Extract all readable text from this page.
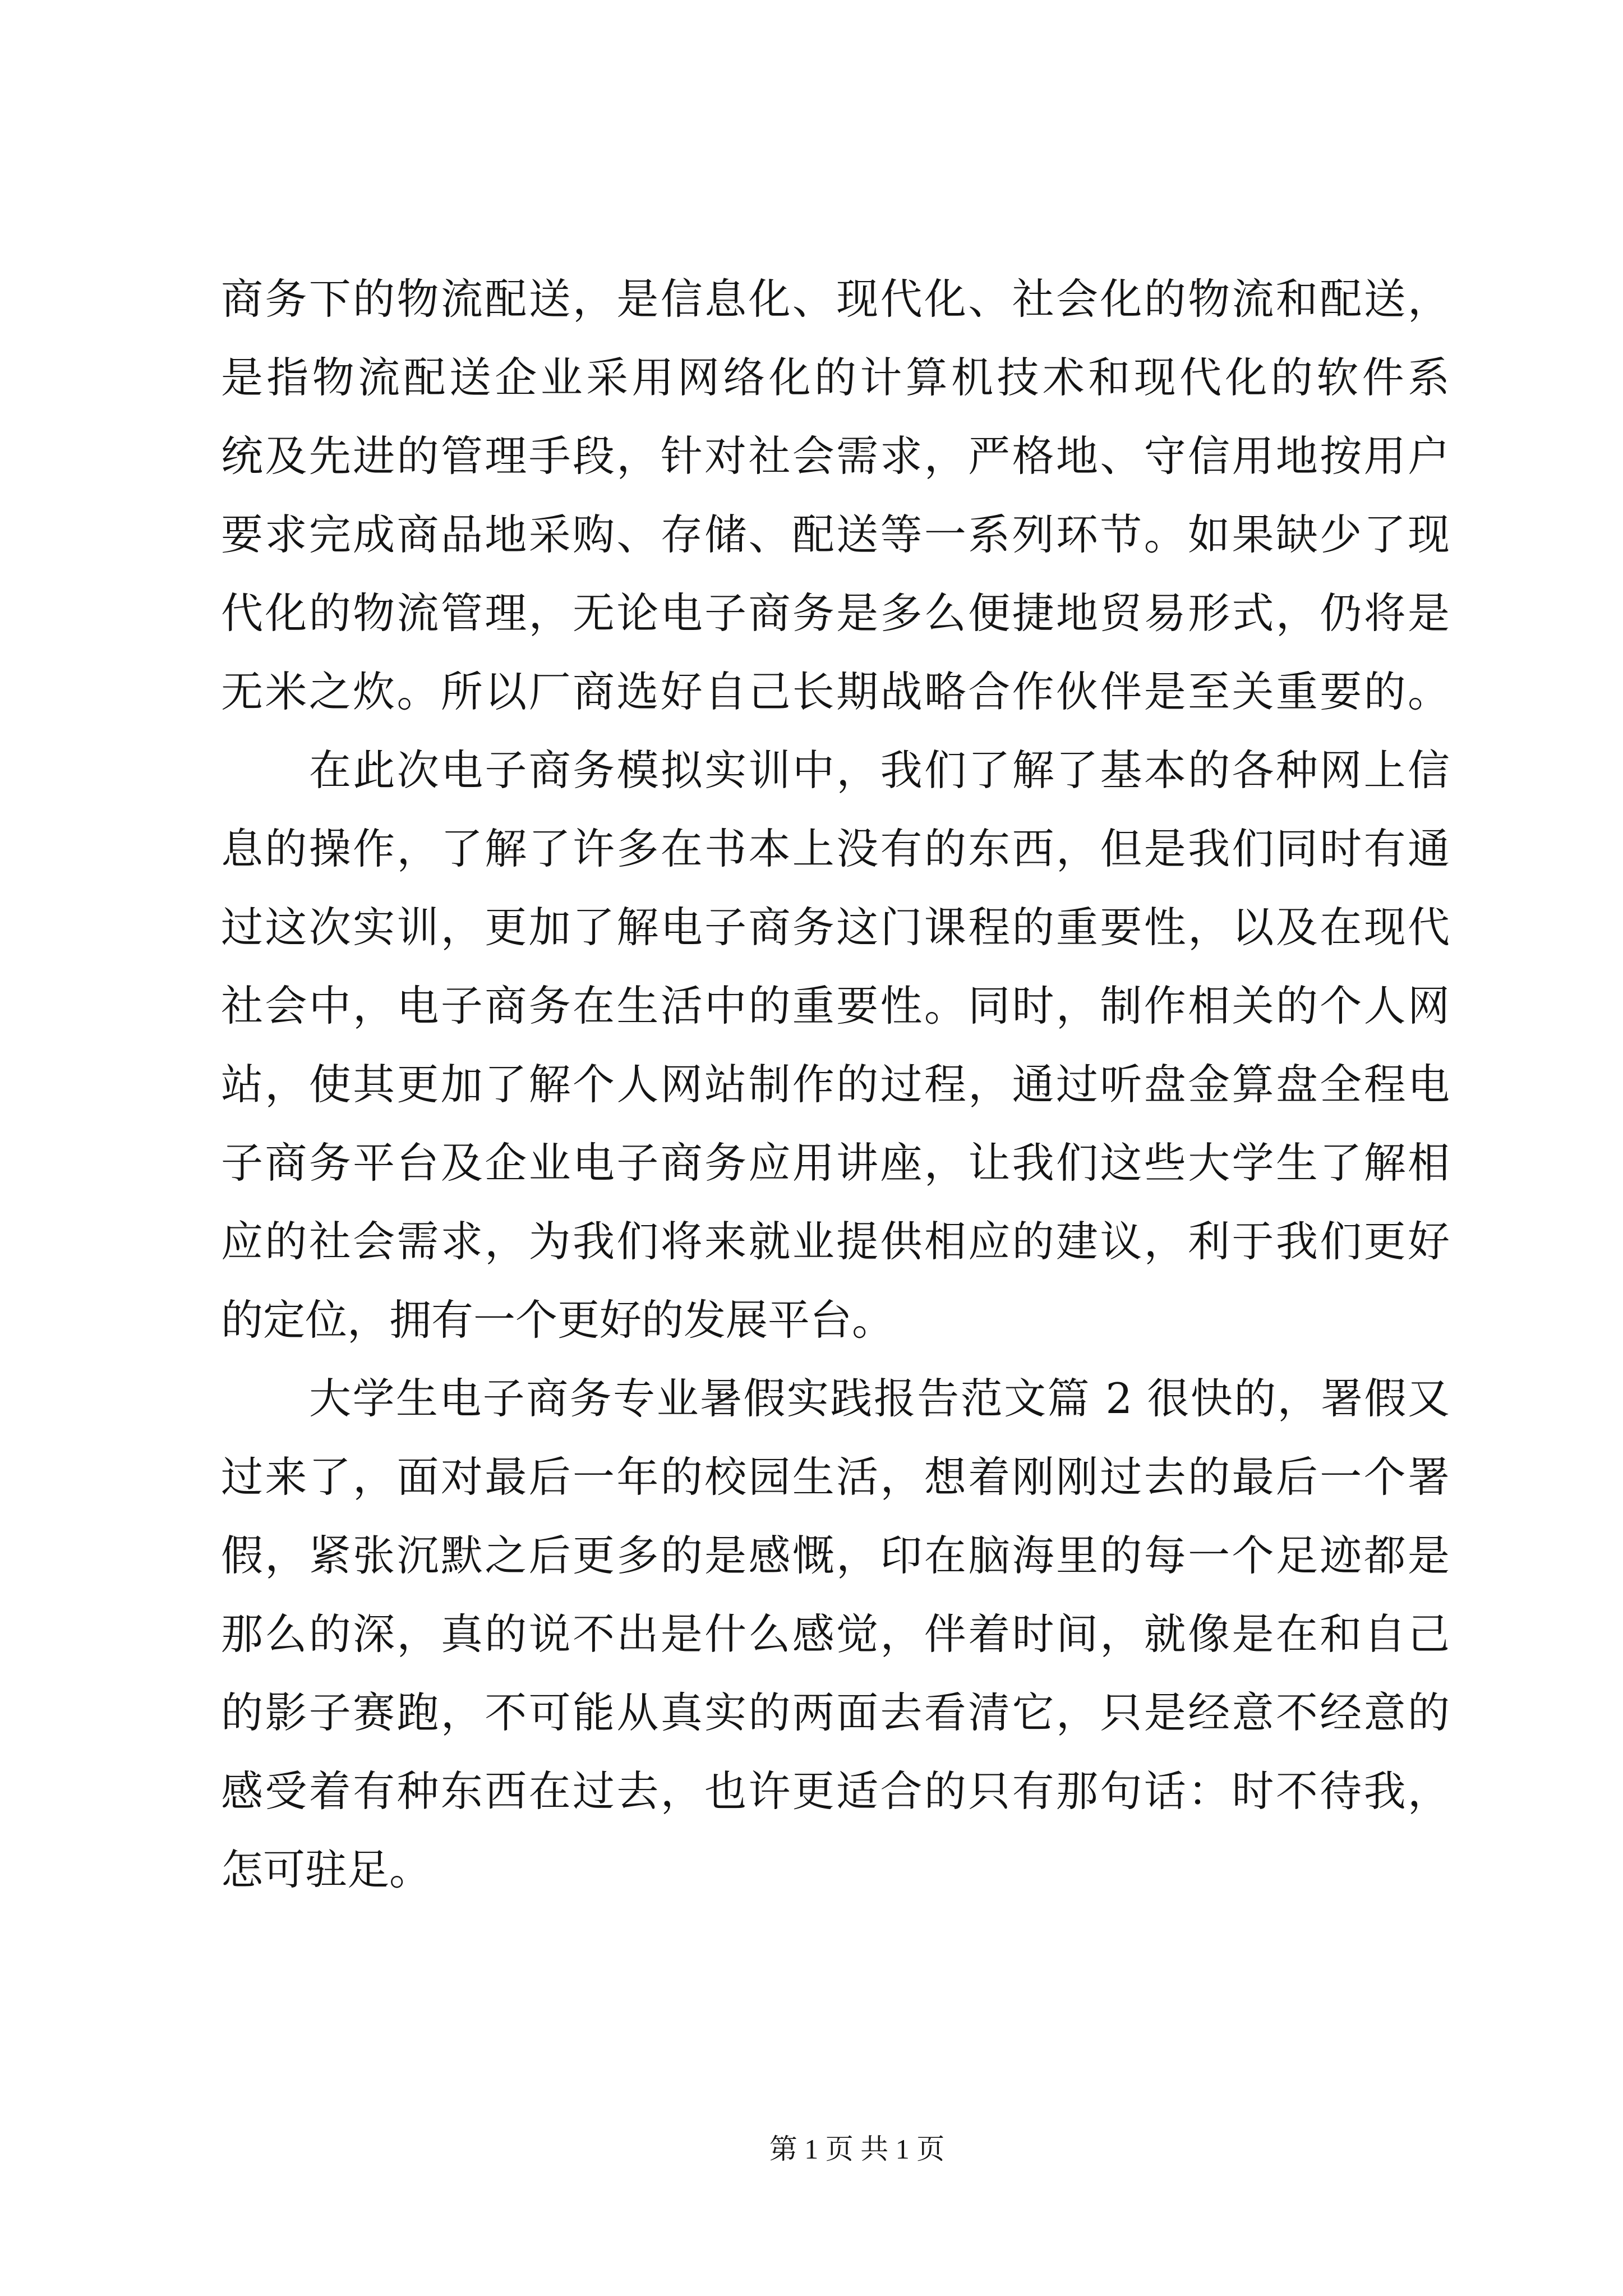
商务下的物流配送，是信息化、现代化、社会化的物流和配送，
是指物流配送企业采用网络化的计算机技术和现代化的软件系
统及先进的管理手段，针对社会需求，严格地、守信用地按用户
要求完成商品地采购、存储、配送等一系列环节。如果缺少了现
代化的物流管理，无论电子商务是多么便捷地贸易形式，仍将是
无米之炊。所以厂商选好自己长期战略合作伙伴是至关重要的。
在此次电子商务模拟实训中，我们了解了基本的各种网上信
息的操作，了解了许多在书本上没有的东西，但是我们同时有通
过这次实训，更加了解电子商务这门课程的重要性，以及在现代
社会中，电子商务在生活中的重要性。同时，制作相关的个人网
站，使其更加了解个人网站制作的过程，通过听盘金算盘全程电
子商务平台及企业电子商务应用讲座，让我们这些大学生了解相
应的社会需求，为我们将来就业提供相应的建议，利于我们更好
的定位，拥有一个更好的发展平台。
大学生电子商务专业暑假实践报告范文篇 2 很快的，署假又
过来了，面对最后一年的校园生活，想着刚刚过去的最后一个署
假，紧张沉默之后更多的是感慨，印在脑海里的每一个足迹都是
那么的深，真的说不出是什么感觉，伴着时间，就像是在和自己
的影子赛跑，不可能从真实的两面去看清它，只是经意不经意的
感受着有种东西在过去，也许更适合的只有那句话：时不待我，
怎可驻足。
第 1 页 共 1 页
